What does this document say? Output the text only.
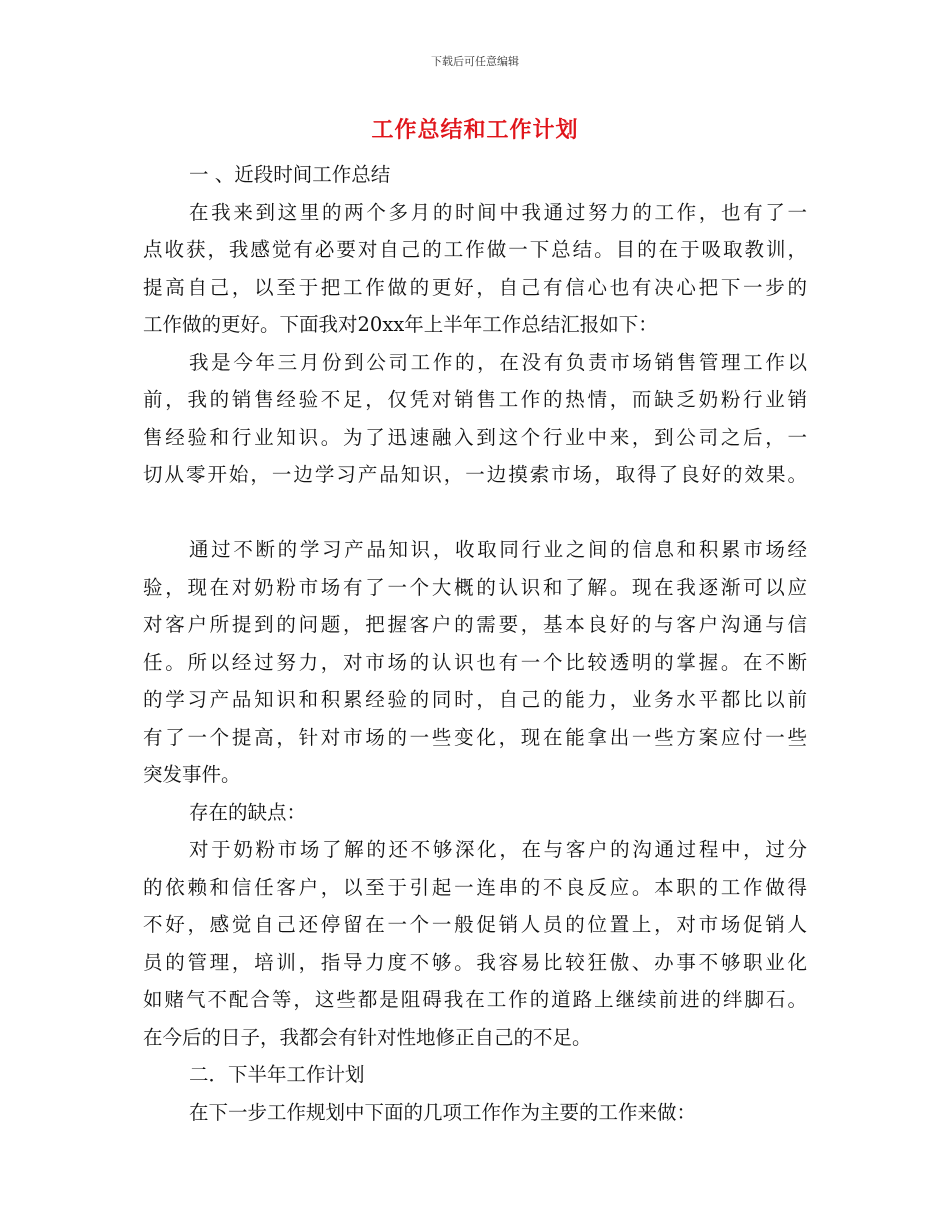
下载后可任意编辑
工作总结和工作计划
一 、近段时间工作总结
在我来到这里的两个多月的时间中我通过努力的工作，也有了一
点收获，我感觉有必要对自己的工作做一下总结。目的在于吸取教训，
提高自己，以至于把工作做的更好，自己有信心也有决心把下一步的
工作做的更好。下面我对20xx年上半年工作总结汇报如下：
我是今年三月份到公司工作的，在没有负责市场销售管理工作以
前，我的销售经验不足，仅凭对销售工作的热情，而缺乏奶粉行业销
售经验和行业知识。为了迅速融入到这个行业中来，到公司之后，一
切从零开始，一边学习产品知识，一边摸索市场，取得了良好的效果。
通过不断的学习产品知识，收取同行业之间的信息和积累市场经
验，现在对奶粉市场有了一个大概的认识和了解。现在我逐渐可以应
对客户所提到的问题，把握客户的需要，基本良好的与客户沟通与信
任。所以经过努力，对市场的认识也有一个比较透明的掌握。在不断
的学习产品知识和积累经验的同时，自己的能力，业务水平都比以前
有了一个提高，针对市场的一些变化，现在能拿出一些方案应付一些
突发事件。
存在的缺点：
对于奶粉市场了解的还不够深化，在与客户的沟通过程中，过分
的依赖和信任客户，以至于引起一连串的不良反应。本职的工作做得
不好，感觉自己还停留在一个一般促销人员的位置上，对市场促销人
员的管理，培训，指导力度不够。我容易比较狂傲、办事不够职业化
如赌气不配合等，这些都是阻碍我在工作的道路上继续前进的绊脚石。
在今后的日子，我都会有针对性地修正自己的不足。
二．下半年工作计划
在下一步工作规划中下面的几项工作作为主要的工作来做：
